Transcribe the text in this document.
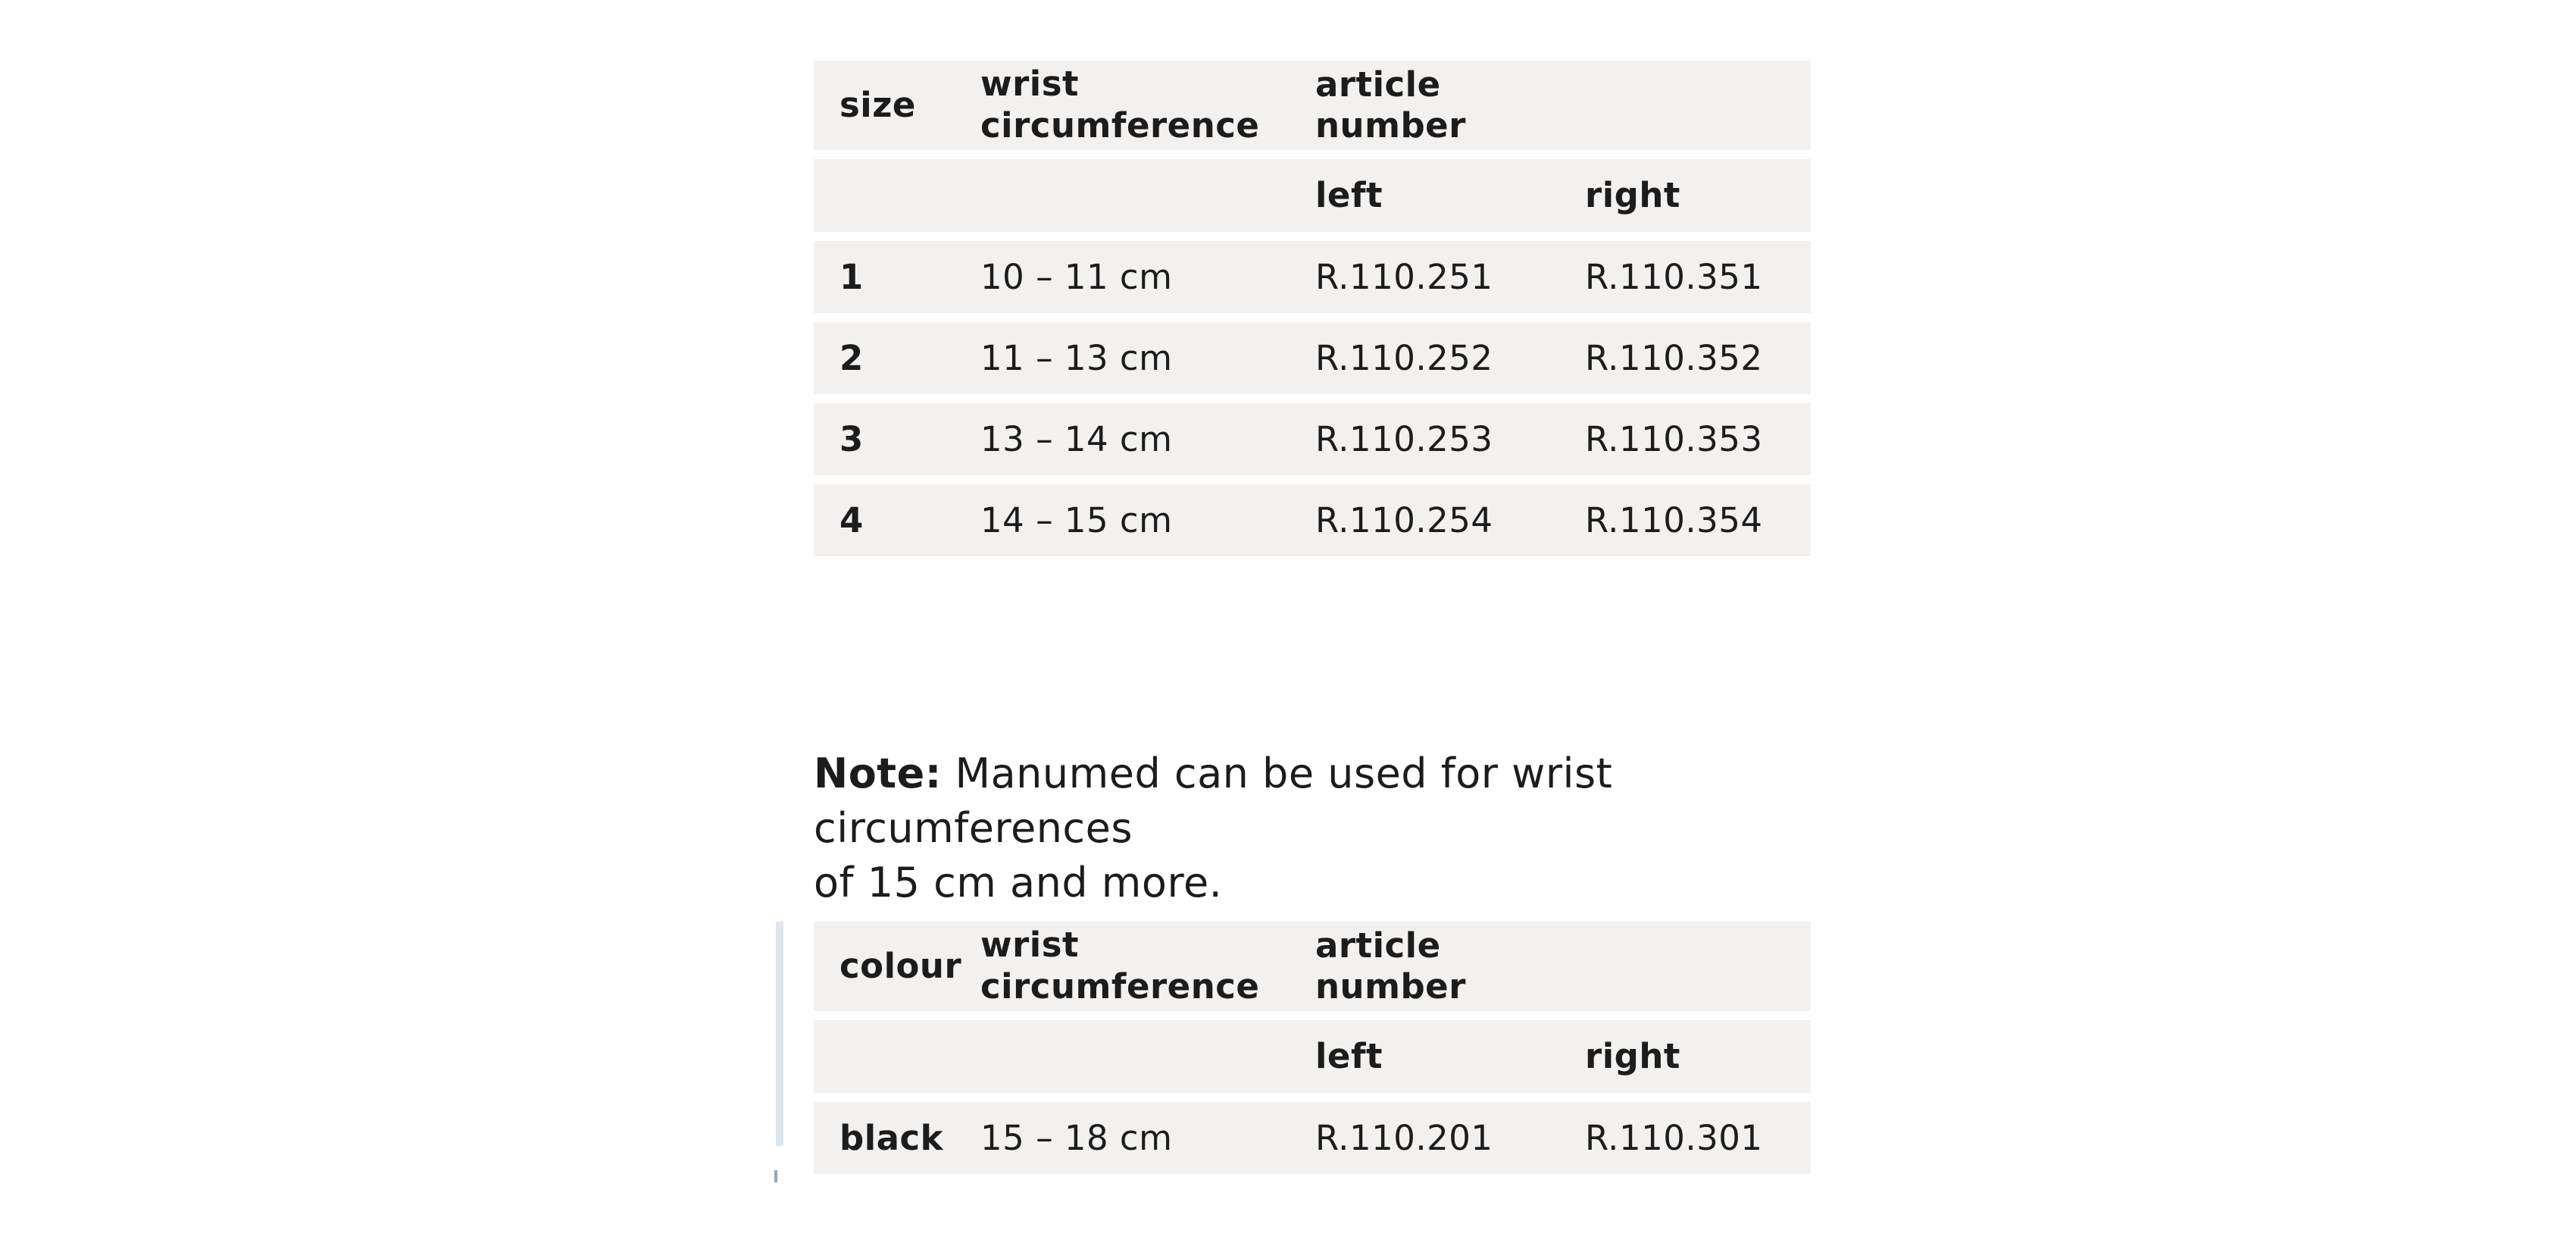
size	wrist circumference	article number	
		left	right
1	10 – 11 cm	R.110.251	R.110.351
2	11 – 13 cm	R.110.252	R.110.352
3	13 – 14 cm	R.110.253	R.110.353
4	14 – 15 cm	R.110.254	R.110.354
Note: Manumed can be used for wrist circumferences
of 15 cm and more.
colour	wrist circumference	article number	
		left	right
black	15 – 18 cm	R.110.201	R.110.301
